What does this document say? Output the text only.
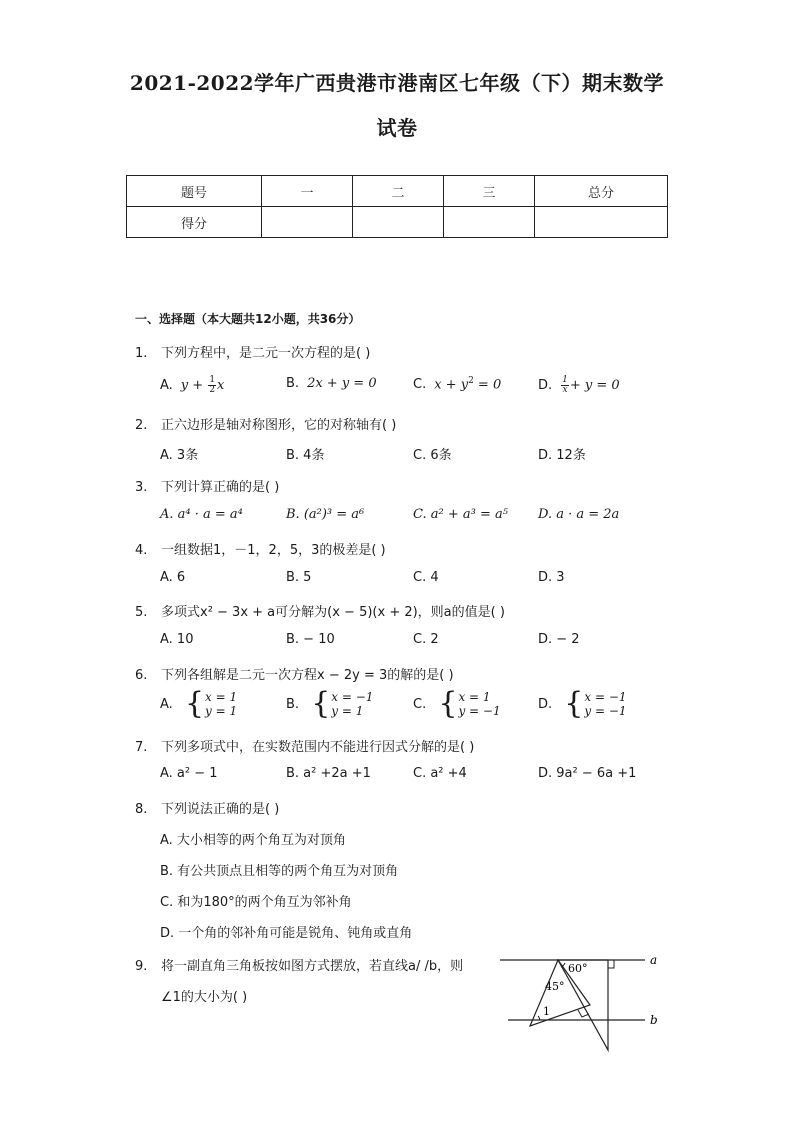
2021-2022学年广西贵港市港南区七年级（下）期末数学
试卷
题号	一	二	三	总分
得分				
一、选择题（本大题共12小题，共36分）
1. 下列方程中，是二元一次方程的是( )
A. $y + \frac{1}{2}$ x	B. 2x + y = 0	C. $x + y^2 = 0$	D. $\frac{1}{x} + y = 0$
2. 正六边形是轴对称图形，它的对称轴有( )
A. 3条	B. 4条	C. 6条	D. 12条
3. 下列计算正确的是( )
A. a⁴ · a = a⁴	B. (a²)³ = a⁶	C. a² + a³ = a⁵ D. a · a = 2a
4. 一组数据1，－1，2，5，3的极差是( )
A. 6	B. 5	C. 4	D. 3
5. 多项式x² − 3x + a可分解为(x − 5)(x + 2)，则a的值是( )
A. 10	B. − 10	C. 2	D. − 2
6. 下列各组解是二元一次方程x − 2y = 3的解的是( )
A. { x = 1
y = 1	B. { x = −1
y = 1	C. { x = 1
y = −1	D. { x = −1
y = −1
7. 下列多项式中，在实数范围内不能进行因式分解的是( )
A. a² − 1	B. a² +2a +1	C. a² +4	D. 9a² − 6a +1
8. 下列说法正确的是( )
A. 大小相等的两个角互为对顶角
B. 有公共顶点且相等的两个角互为对顶角
C. 和为180°的两个角互为邻补角
D. 一个角的邻补角可能是锐角、钝角或直角
9. 将一副直角三角板按如图方式摆放，若直线a/ /b，则
∠1的大小为( )
60°
45°
1
a
b
